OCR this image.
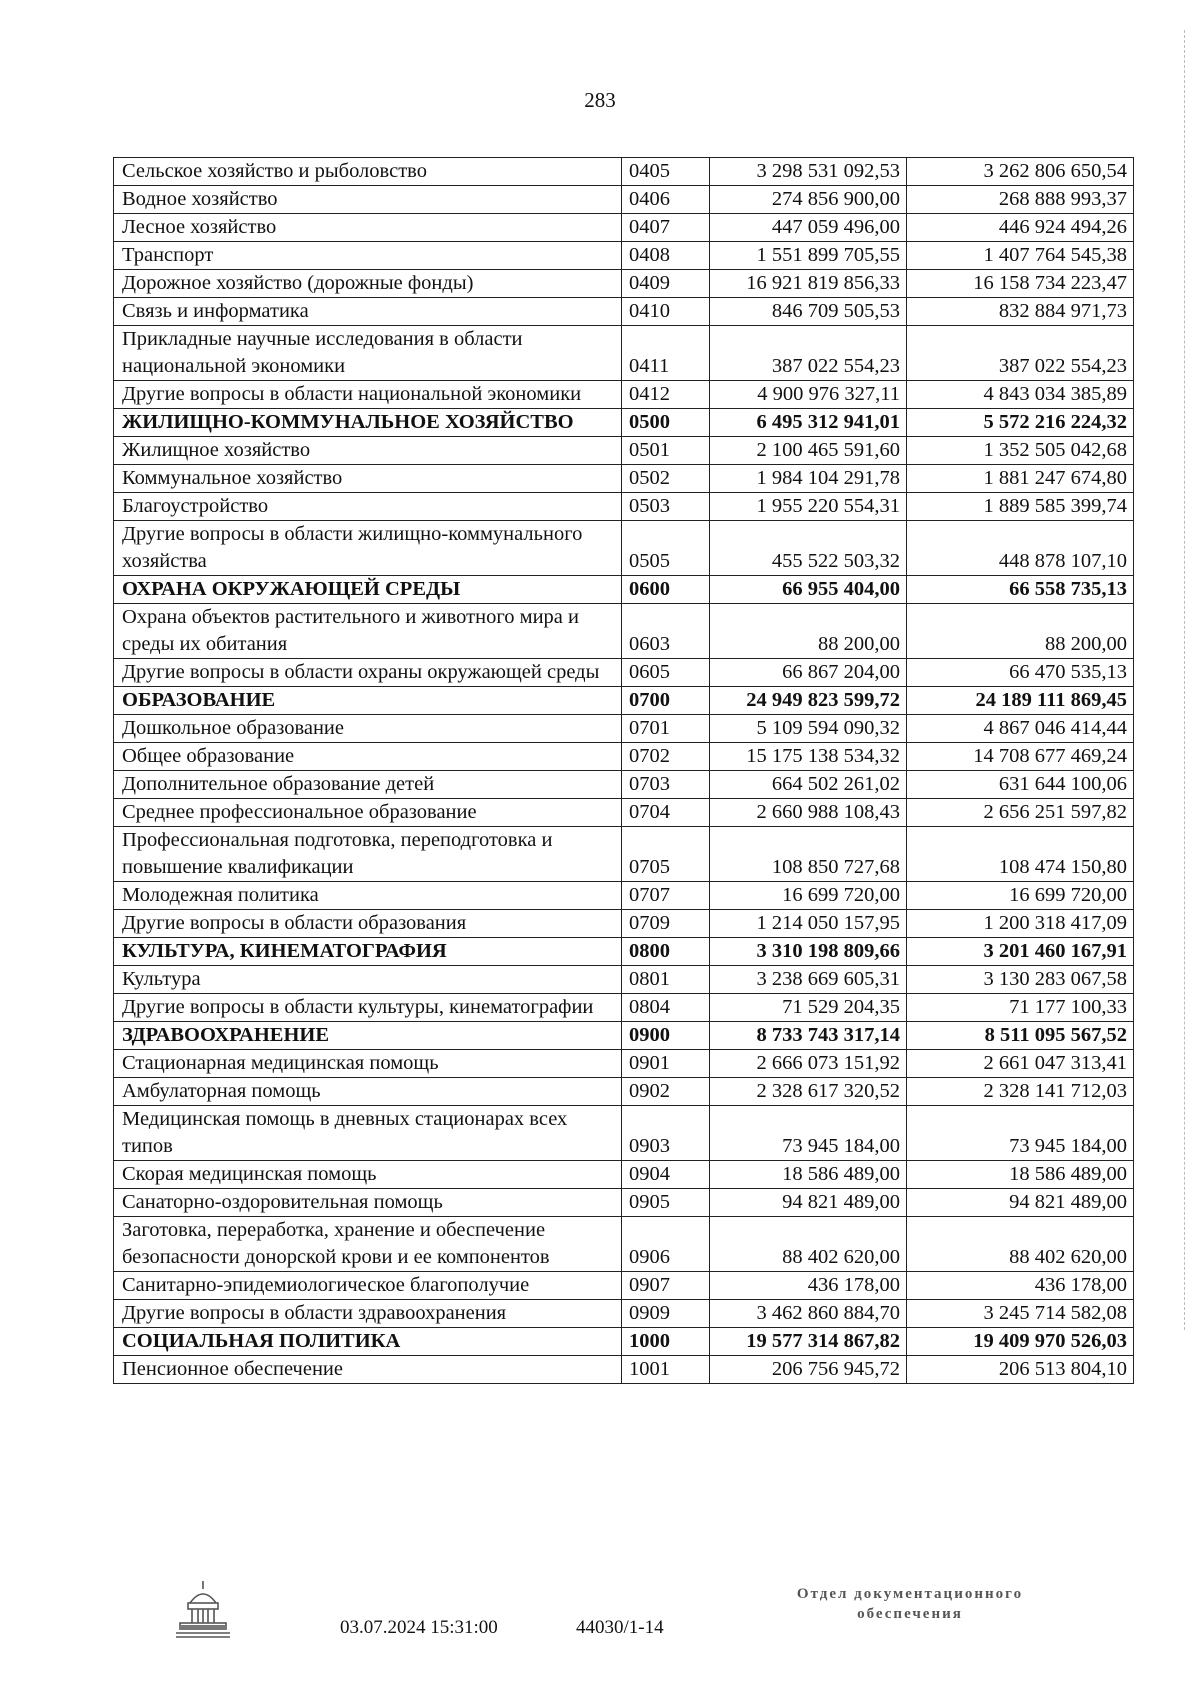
283
Сельское хозяйство и рыболовство	0405	3 298 531 092,53	3 262 806 650,54
Водное хозяйство	0406	274 856 900,00	268 888 993,37
Лесное хозяйство	0407	447 059 496,00	446 924 494,26
Транспорт	0408	1 551 899 705,55	1 407 764 545,38
Дорожное хозяйство (дорожные фонды)	0409	16 921 819 856,33	16 158 734 223,47
Связь и информатика	0410	846 709 505,53	832 884 971,73
Прикладные научные исследования в области национальной экономики	0411	387 022 554,23	387 022 554,23
Другие вопросы в области национальной экономики	0412	4 900 976 327,11	4 843 034 385,89
ЖИЛИЩНО-КОММУНАЛЬНОЕ ХОЗЯЙСТВО	0500	6 495 312 941,01	5 572 216 224,32
Жилищное хозяйство	0501	2 100 465 591,60	1 352 505 042,68
Коммунальное хозяйство	0502	1 984 104 291,78	1 881 247 674,80
Благоустройство	0503	1 955 220 554,31	1 889 585 399,74
Другие вопросы в области жилищно-коммунального хозяйства	0505	455 522 503,32	448 878 107,10
ОХРАНА ОКРУЖАЮЩЕЙ СРЕДЫ	0600	66 955 404,00	66 558 735,13
Охрана объектов растительного и животного мира и среды их обитания	0603	88 200,00	88 200,00
Другие вопросы в области охраны окружающей среды	0605	66 867 204,00	66 470 535,13
ОБРАЗОВАНИЕ	0700	24 949 823 599,72	24 189 111 869,45
Дошкольное образование	0701	5 109 594 090,32	4 867 046 414,44
Общее образование	0702	15 175 138 534,32	14 708 677 469,24
Дополнительное образование детей	0703	664 502 261,02	631 644 100,06
Среднее профессиональное образование	0704	2 660 988 108,43	2 656 251 597,82
Профессиональная подготовка, переподготовка и повышение квалификации	0705	108 850 727,68	108 474 150,80
Молодежная политика	0707	16 699 720,00	16 699 720,00
Другие вопросы в области образования	0709	1 214 050 157,95	1 200 318 417,09
КУЛЬТУРА, КИНЕМАТОГРАФИЯ	0800	3 310 198 809,66	3 201 460 167,91
Культура	0801	3 238 669 605,31	3 130 283 067,58
Другие вопросы в области культуры, кинематографии	0804	71 529 204,35	71 177 100,33
ЗДРАВООХРАНЕНИЕ	0900	8 733 743 317,14	8 511 095 567,52
Стационарная медицинская помощь	0901	2 666 073 151,92	2 661 047 313,41
Амбулаторная помощь	0902	2 328 617 320,52	2 328 141 712,03
Медицинская помощь в дневных стационарах всех типов	0903	73 945 184,00	73 945 184,00
Скорая медицинская помощь	0904	18 586 489,00	18 586 489,00
Санаторно-оздоровительная помощь	0905	94 821 489,00	94 821 489,00
Заготовка, переработка, хранение и обеспечение безопасности донорской крови и ее компонентов	0906	88 402 620,00	88 402 620,00
Санитарно-эпидемиологическое благополучие	0907	436 178,00	436 178,00
Другие вопросы в области здравоохранения	0909	3 462 860 884,70	3 245 714 582,08
СОЦИАЛЬНАЯ ПОЛИТИКА	1000	19 577 314 867,82	19 409 970 526,03
Пенсионное обеспечение	1001	206 756 945,72	206 513 804,10
03.07.2024 15:31:00	44030/1-14
Отдел документационного
обеспечения
